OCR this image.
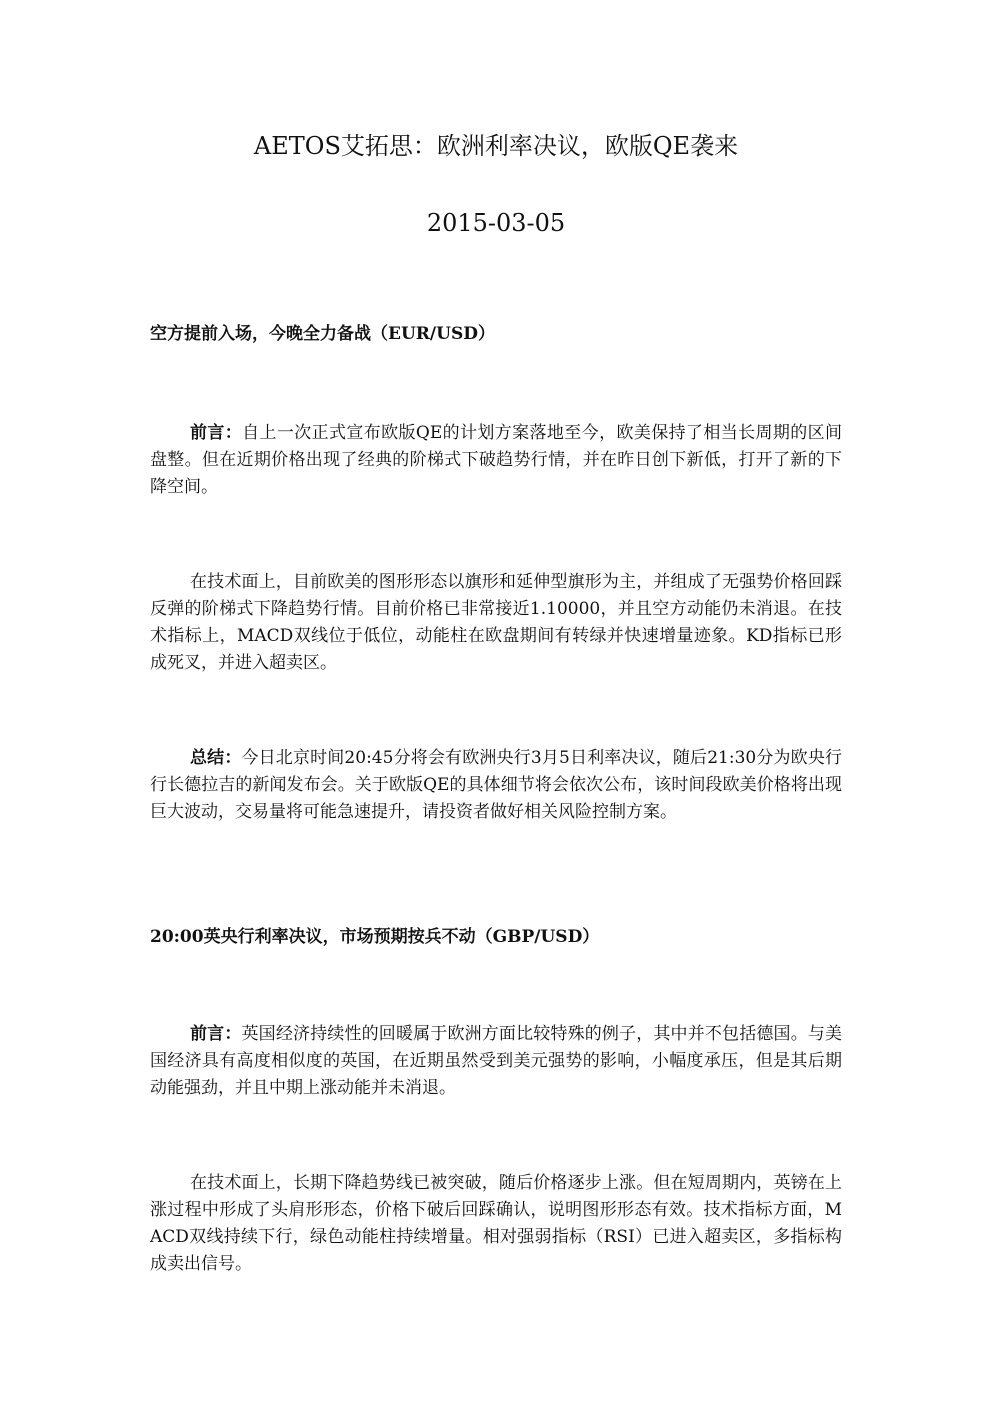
AETOS艾拓思：欧洲利率决议，欧版QE袭来
2015-03-05
空方提前入场，今晚全力备战（EUR/USD）

前言：自上一次正式宣布欧版QE的计划方案落地至今，欧美保持了相当长周期的区间盘整。但在近期价格出现了经典的阶梯式下破趋势行情，并在昨日创下新低，打开了新的下降空间。

在技术面上，目前欧美的图形形态以旗形和延伸型旗形为主，并组成了无强势价格回踩反弹的阶梯式下降趋势行情。目前价格已非常接近1.10000，并且空方动能仍未消退。在技术指标上，MACD双线位于低位，动能柱在欧盘期间有转绿并快速增量迹象。KD指标已形成死叉，并进入超卖区。

总结：今日北京时间20:45分将会有欧洲央行3月5日利率决议，随后21:30分为欧央行行长德拉吉的新闻发布会。关于欧版QE的具体细节将会依次公布，该时间段欧美价格将出现巨大波动，交易量将可能急速提升，请投资者做好相关风险控制方案。

20:00英央行利率决议，市场预期按兵不动（GBP/USD）

前言：英国经济持续性的回暖属于欧洲方面比较特殊的例子，其中并不包括德国。与美国经济具有高度相似度的英国，在近期虽然受到美元强势的影响，小幅度承压，但是其后期动能强劲，并且中期上涨动能并未消退。

在技术面上，长期下降趋势线已被突破，随后价格逐步上涨。但在短周期内，英镑在上涨过程中形成了头肩形形态，价格下破后回踩确认，说明图形形态有效。技术指标方面，MACD双线持续下行，绿色动能柱持续增量。相对强弱指标（RSI）已进入超卖区，多指标构成卖出信号。
